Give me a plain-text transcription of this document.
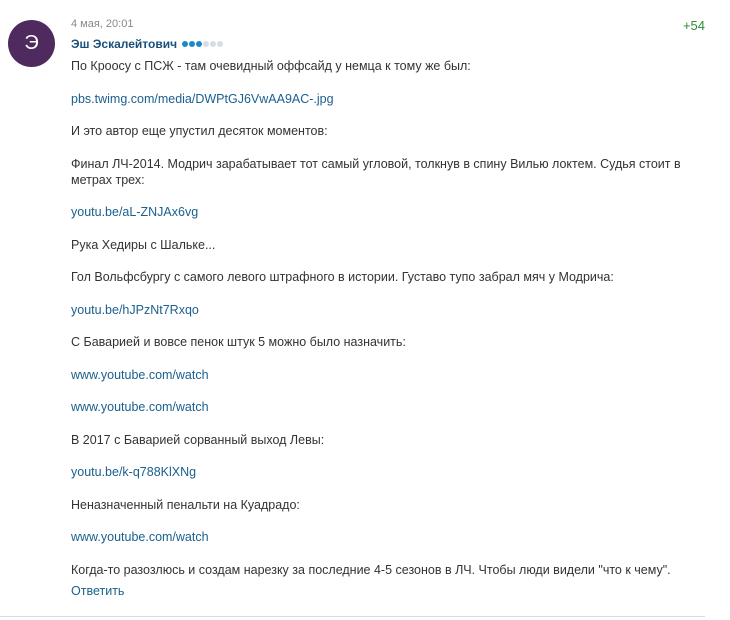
Э
4 мая, 20:01	+54
Эш Эскалейтович

По Кроосу с ПСЖ - там очевидный оффсайд у немца к тому же был:

pbs.twimg.com/media/DWPtGJ6VwAA9AC-.jpg

И это автор еще упустил десяток моментов:

Финал ЛЧ-2014. Модрич зарабатывает тот самый угловой, толкнув в спину Вилью локтем. Судья стоит в метрах трех:

youtu.be/aL-ZNJAx6vg

Рука Хедиры с Шальке...

Гол Вольфсбургу с самого левого штрафного в истории. Густаво тупо забрал мяч у Модрича:

youtu.be/hJPzNt7Rxqo

С Баварией и вовсе пенок штук 5 можно было назначить:

www.youtube.com/watch
www.youtube.com/watch

В 2017 с Баварией сорванный выход Левы:

youtu.be/k-q788KlXNg

Неназначенный пенальти на Куадрадо:

www.youtube.com/watch

Когда-то разозлюсь и создам нарезку за последние 4-5 сезонов в ЛЧ. Чтобы люди видели "что к чему".

Ответить
